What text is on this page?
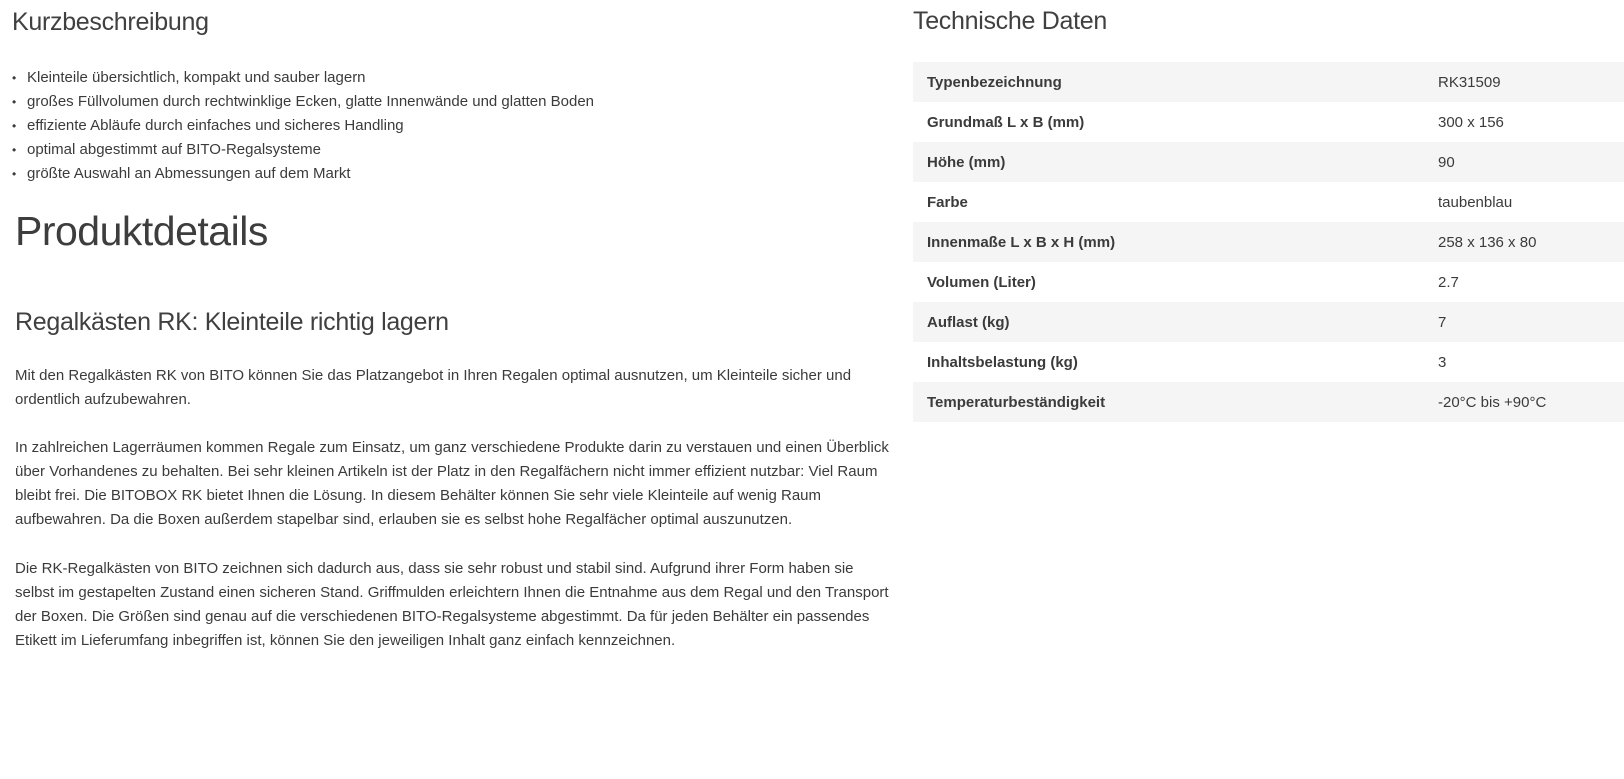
Kurzbeschreibung
• Kleinteile übersichtlich, kompakt und sauber lagern
• großes Füllvolumen durch rechtwinklige Ecken, glatte Innenwände und glatten Boden
• effiziente Abläufe durch einfaches und sicheres Handling
• optimal abgestimmt auf BITO-Regalsysteme
• größte Auswahl an Abmessungen auf dem Markt
Produktdetails
Regalkästen RK: Kleinteile richtig lagern

Mit den Regalkästen RK von BITO können Sie das Platzangebot in Ihren Regalen optimal ausnutzen, um Kleinteile sicher und ordentlich aufzubewahren.

In zahlreichen Lagerräumen kommen Regale zum Einsatz, um ganz verschiedene Produkte darin zu verstauen und einen Überblick über Vorhandenes zu behalten. Bei sehr kleinen Artikeln ist der Platz in den Regalfächern nicht immer effizient nutzbar: Viel Raum bleibt frei. Die BITOBOX RK bietet Ihnen die Lösung. In diesem Behälter können Sie sehr viele Kleinteile auf wenig Raum aufbewahren. Da die Boxen außerdem stapelbar sind, erlauben sie es selbst hohe Regalfächer optimal auszunutzen.

Die RK-Regalkästen von BITO zeichnen sich dadurch aus, dass sie sehr robust und stabil sind. Aufgrund ihrer Form haben sie selbst im gestapelten Zustand einen sicheren Stand. Griffmulden erleichtern Ihnen die Entnahme aus dem Regal und den Transport der Boxen. Die Größen sind genau auf die verschiedenen BITO-Regalsysteme abgestimmt. Da für jeden Behälter ein passendes Etikett im Lieferumfang inbegriffen ist, können Sie den jeweiligen Inhalt ganz einfach kennzeichnen.

Technische Daten
Typenbezeichnung	RK31509
Grundmaß L x B (mm)	300 x 156
Höhe (mm)	90
Farbe	taubenblau
Innenmaße L x B x H (mm)	258 x 136 x 80
Volumen (Liter)	2.7
Auflast (kg)	7
Inhaltsbelastung (kg)	3
Temperaturbeständigkeit	-20°C bis +90°C
